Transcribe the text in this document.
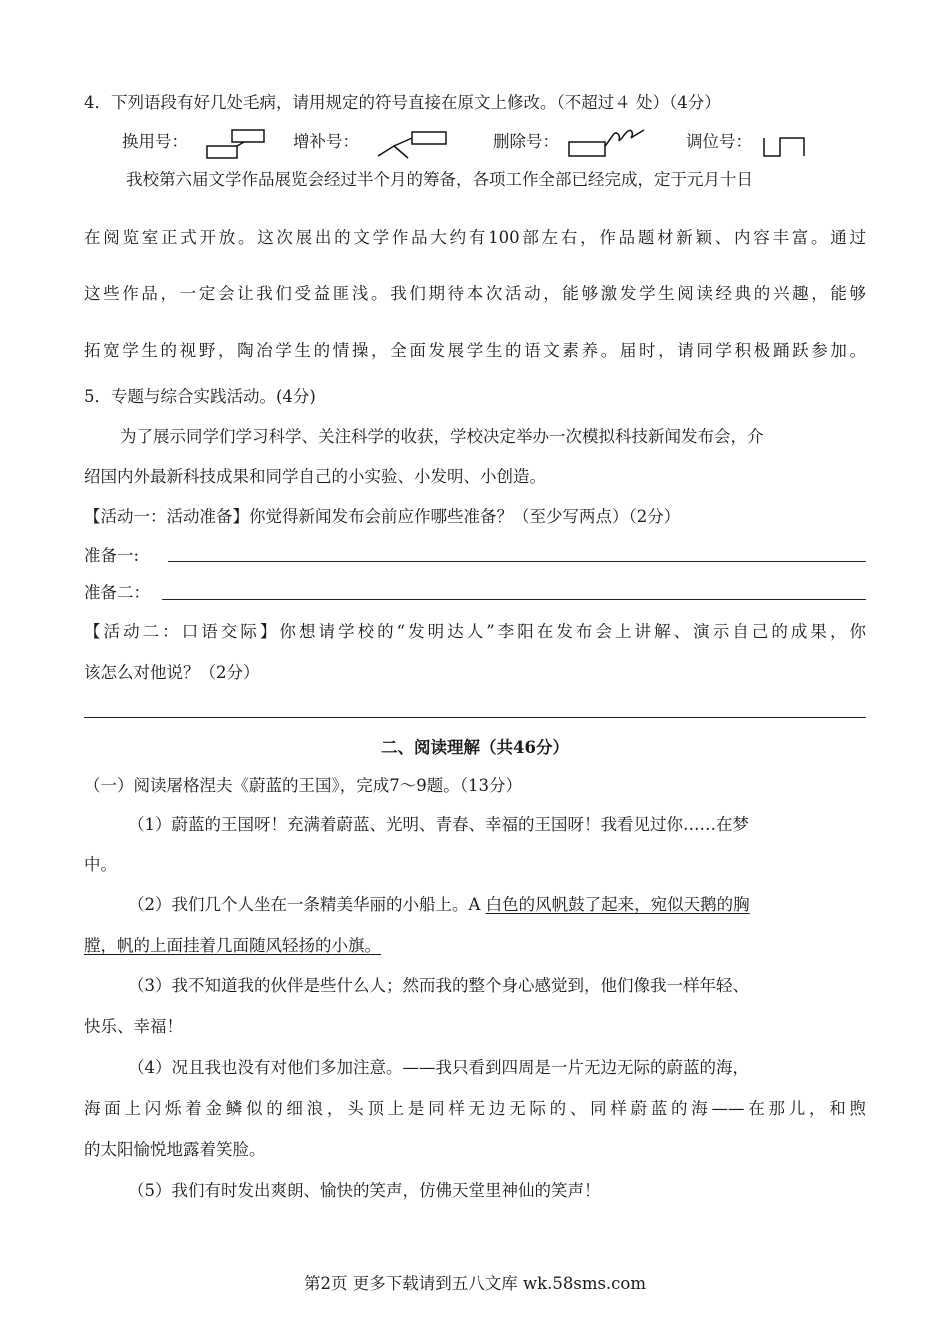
4．下列语段有好几处毛病，请用规定的符号直接在原文上修改。（不超过４ 处）（4分）
换用号：	增补号：	删除号：	调位号：
我校第六届文学作品展览会经过半个月的筹备，各项工作全部已经完成，定于元月十日
在阅览室正式开放。这次展出的文学作品大约有100部左右，作品题材新颖、内容丰富。通过
这些作品，一定会让我们受益匪浅。我们期待本次活动，能够激发学生阅读经典的兴趣，能够
拓宽学生的视野，陶冶学生的情操，全面发展学生的语文素养。届时，请同学积极踊跃参加。
5．专题与综合实践活动。(4分)
为了展示同学们学习科学、关注科学的收获，学校决定举办一次模拟科技新闻发布会，介
绍国内外最新科技成果和同学自己的小实验、小发明、小创造。
【活动一：活动准备】你觉得新闻发布会前应作哪些准备？（至少写两点）（2分）
准备一:
准备二：
【活动二：口语交际】你想请学校的“发明达人”李阳在发布会上讲解、演示自己的成果，你
该怎么对他说？（2分）
二、阅读理解（共46分）
（一）阅读屠格涅夫《蔚蓝的王国》，完成7～9题。（13分）
（1）蔚蓝的王国呀！充满着蔚蓝、光明、青春、幸福的王国呀！我看见过你……在梦
中。
（2）我们几个人坐在一条精美华丽的小船上。A 白色的风帆鼓了起来，宛似天鹅的胸
膛，帆的上面挂着几面随风轻扬的小旗。
（3）我不知道我的伙伴是些什么人；然而我的整个身心感觉到，他们像我一样年轻、
快乐、幸福！
（4）况且我也没有对他们多加注意。——我只看到四周是一片无边无际的蔚蓝的海，
海面上闪烁着金鳞似的细浪，头顶上是同样无边无际的、同样蔚蓝的海——在那儿，和煦
的太阳愉悦地露着笑脸。
（5）我们有时发出爽朗、愉快的笑声，仿佛天堂里神仙的笑声！
第2页 更多下载请到五八文库 wk.58sms.com
